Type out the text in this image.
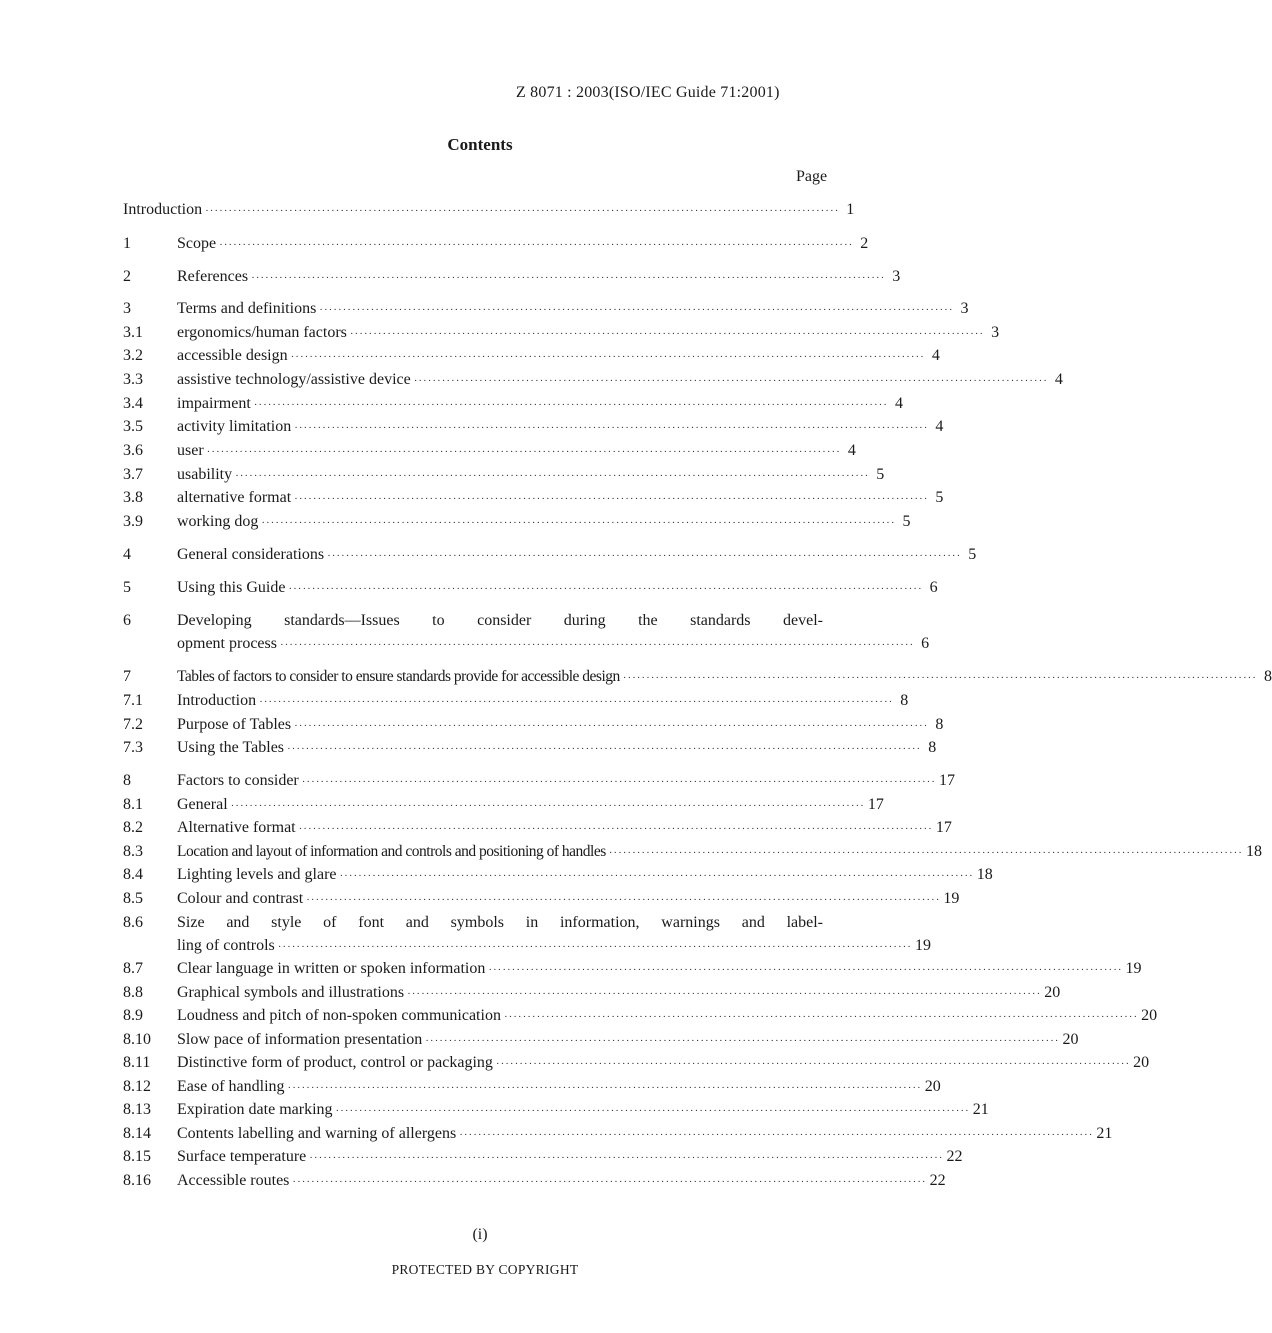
Z 8071 : 2003(ISO/IEC Guide 71:2001)
Contents
Page
Introduction ········································································································································ 1
1	Scope ········································································································································ 2
2	References ········································································································································ 3
3	Terms and definitions ········································································································································ 3
3.1	ergonomics/human factors ········································································································································ 3
3.2	accessible design ········································································································································ 4
3.3	assistive technology/assistive device ········································································································································ 4
3.4	impairment ········································································································································ 4
3.5	activity limitation ········································································································································ 4
3.6	user ········································································································································ 4
3.7	usability ········································································································································ 5
3.8	alternative format ········································································································································ 5
3.9	working dog ········································································································································ 5
4	General considerations ········································································································································ 5
5	Using this Guide ········································································································································ 6
6	Developing standards—Issues to consider during the standards devel-
opment process ········································································································································ 6
7	Tables of factors to consider to ensure standards provide for accessible design ········································································································································ 8
7.1	Introduction ········································································································································ 8
7.2	Purpose of Tables ········································································································································ 8
7.3	Using the Tables ········································································································································ 8
8	Factors to consider ········································································································································ 17
8.1	General ········································································································································ 17
8.2	Alternative format ········································································································································ 17
8.3	Location and layout of information and controls and positioning of handles ········································································································································ 18
8.4	Lighting levels and glare ········································································································································ 18
8.5	Colour and contrast ········································································································································ 19
8.6	Size and style of font and symbols in information, warnings and label-
ling of controls ········································································································································ 19
8.7	Clear language in written or spoken information ········································································································································ 19
8.8	Graphical symbols and illustrations ········································································································································ 20
8.9	Loudness and pitch of non-spoken communication ········································································································································ 20
8.10	Slow pace of information presentation ········································································································································ 20
8.11	Distinctive form of product, control or packaging ········································································································································ 20
8.12	Ease of handling ········································································································································ 20
8.13	Expiration date marking ········································································································································ 21
8.14	Contents labelling and warning of allergens ········································································································································ 21
8.15	Surface temperature ········································································································································ 22
8.16	Accessible routes ········································································································································ 22
(i)
PROTECTED BY COPYRIGHT
